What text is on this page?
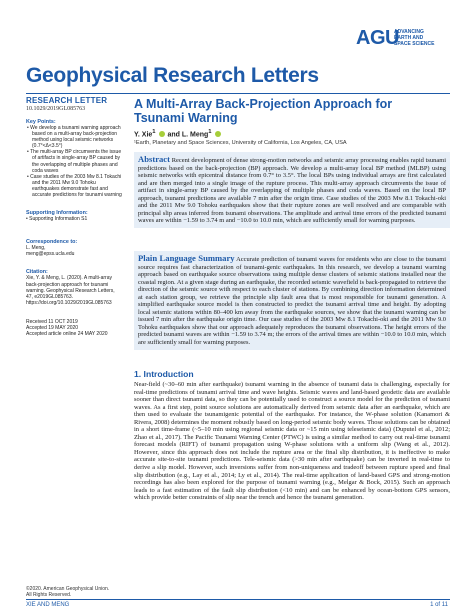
AGU
ADVANCING
EARTH AND
SPACE SCIENCE
Geophysical Research Letters
RESEARCH LETTER
10.1029/2019GL085763
Key Points:

• We develop a tsunami warning approach based on a multi-array back-projection method using local seismic networks (0.7°<Δ<3.5°)

• The multi-array BP circumvents the issue of artifacts in single-array BP caused by the overlapping of multiple phases and coda waves

• Case studies of the 2003 Mw 8.1 Tokachi and the 2011 Mw 9.0 Tohoku earthquakes demonstrate fast and accurate predictions for tsunami warning

Supporting Information:
• Supporting Information S1
Correspondence to:
L. Meng,
meng@epss.ucla.edu
Citation:
Xie, Y. & Meng, L. (2020). A multi-array back-projection approach for tsunami warning. Geophysical Research Letters, 47, e2019GL085763. https://doi.org/10.1029/2019GL085763
Received 11 OCT 2019
Accepted 19 MAY 2020
Accepted article online 24 MAY 2020
A Multi-Array Back-Projection Approach for Tsunami Warning
Y. Xie$^1$ and L. Meng$^1$
¹Earth, Planetary and Space Sciences, University of California, Los Angeles, CA, USA
Abstract Recent development of dense strong-motion networks and seismic array processing enables rapid tsunami predictions based on the back-projection (BP) approach. We develop a multi-array local BP method (MLBP) using seismic networks with epicentral distance from 0.7° to 3.5°. The local BPs using individual arrays are first calculated and are then merged into a single image of the rupture process. This multi-array approach circumvents the issue of artifact in single-array BP caused by the overlapping of multiple phases and coda waves. Based on the local BP approach, tsunami predictions are available 7 min after the origin time. Case studies of the 2003 Mw 8.1 Tokachi-oki and the 2011 Mw 9.0 Tohoku earthquakes show that their rupture zones are well resolved and are comparable with principal slip areas inferred from tsunami observations. The amplitude and arrival time errors of the predicted tsunami waves are within −1.59 to 3.74 m and −10.0 to 10.0 min, which are sufficiently small for warning purposes.
Plain Language Summary Accurate prediction of tsunami waves for residents who are close to the tsunami source requires fast characterization of tsunami-genic earthquakes. In this research, we develop a tsunami warning approach based on earthquake source observations using multiple dense clusters of seismic stations installed near the coastal region. At a given stage during an earthquake, the recorded seismic wavefield is back-propagated to retrieve the direction of the seismic source with respect to each cluster of stations. By combining direction information determined at each station group, we retrieve the principle slip fault area that is most responsible for tsunami generation. A simplified earthquake source model is then constructed to predict the tsunami arrival time and height. By adopting local seismic stations within 80–400 km away from the earthquake sources, we show that the tsunami warning can be issued 7 min after the earthquake origin time. Our case studies of the 2003 Mw 8.1 Tokachi-oki and the 2011 Mw 9.0 Tohoku earthquakes show that our approach adequately reproduces the tsunami observations. The height errors of the predicted tsunami waves are within −1.59 to 3.74 m; the errors of the arrival times are within −10.0 to 10.0 min, which are sufficiently small for warning purposes.
1. Introduction
Near-field (~30–60 min after earthquake) tsunami warning in the absence of tsunami data is challenging, especially for real-time predictions of tsunami arrival time and wave heights. Seismic waves and land-based geodetic data are available sooner than direct tsunami data, so they can be potentially used to construct a source model for the prediction of tsunami waves. As a first step, point source solutions are automatically derived from seismic data after an earthquake, which are then used to evaluate the tsunamigenic potential of the earthquake. For instance, the W-phase solution (Kanamori & Rivera, 2008) determines the moment robustly based on long-period seismic body waves. Those solutions can be obtained in a short time-frame (~5–10 min using regional seismic data or ~15 min using teleseismic data) (Duputel et al., 2012; Zhao et al., 2017). The Pacific Tsunami Warning Center (PTWC) is using a similar method to carry out real-time tsunami forecast models (RIFT) of tsunami propagation using W-phase solutions with a uniform slip (Wang et al., 2012). However, since this approach does not include the rupture area or the final slip distribution, it is ineffective to make accurate site-to-site tsunami predictions. Tele-seismic data (>30 min after earthquake) can be inverted in real-time to derive a slip model. However, such inversions suffer from non-uniqueness and tradeoff between rupture speed and final slip distribution (e.g., Lay et al., 2014; Ly et al., 2014). The real-time application of land-based GPS and strong-motion recordings has also been explored for the purpose of tsunami warning (e.g., Melgar & Bock, 2015). Such an approach leads to a fast estimation of the fault slip distribution (<10 min) and can be enhanced by ocean-bottom GPS sensors, which provide better constraints of slip near the trench and hence the tsunami generation.
©2020. American Geophysical Union.
All Rights Reserved.
XIE AND MENG	1 of 11
